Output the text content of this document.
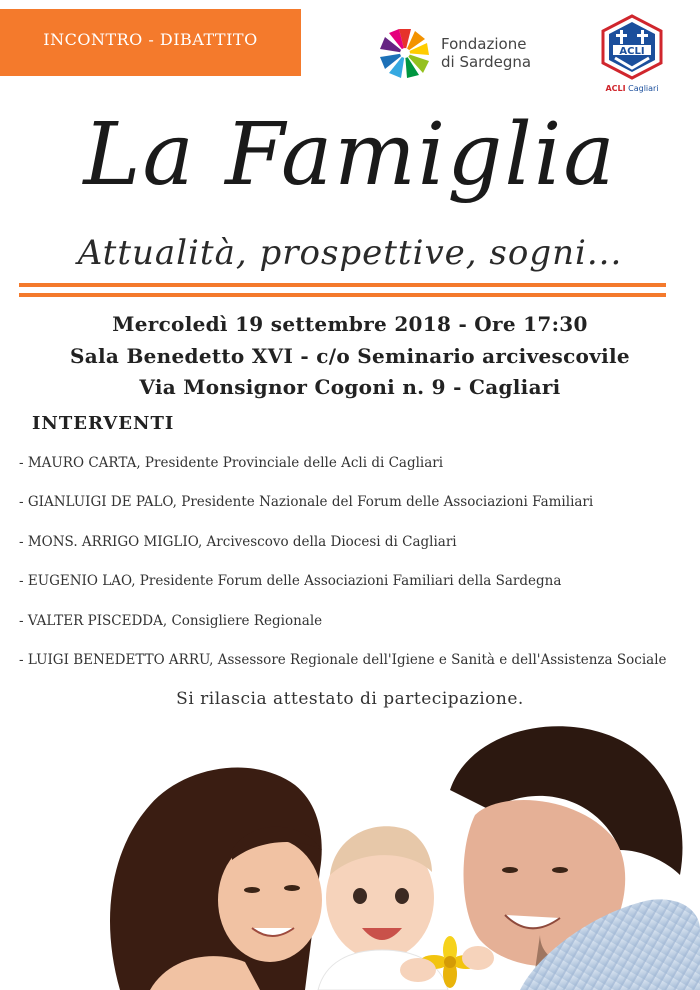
INCONTRO - DIBATTITO	Fondazione
di Sardegna
ACLI
ACLI Cagliari
La Famiglia
Attualità, prospettive, sogni...
Mercoledì 19 settembre 2018 - Ore 17:30
Sala Benedetto XVI - c/o Seminario arcivescovile
Via Monsignor Cogoni n. 9 - Cagliari
INTERVENTI
- MAURO CARTA, Presidente Provinciale delle Acli di Cagliari
- GIANLUIGI DE PALO, Presidente Nazionale del Forum delle Associazioni Familiari
- MONS. ARRIGO MIGLIO, Arcivescovo della Diocesi di Cagliari
- EUGENIO LAO, Presidente Forum delle Associazioni Familiari della Sardegna
- VALTER PISCEDDA, Consigliere Regionale
- LUIGI BENEDETTO ARRU, Assessore Regionale dell'Igiene e Sanità e dell'Assistenza Sociale
Si rilascia attestato di partecipazione.
